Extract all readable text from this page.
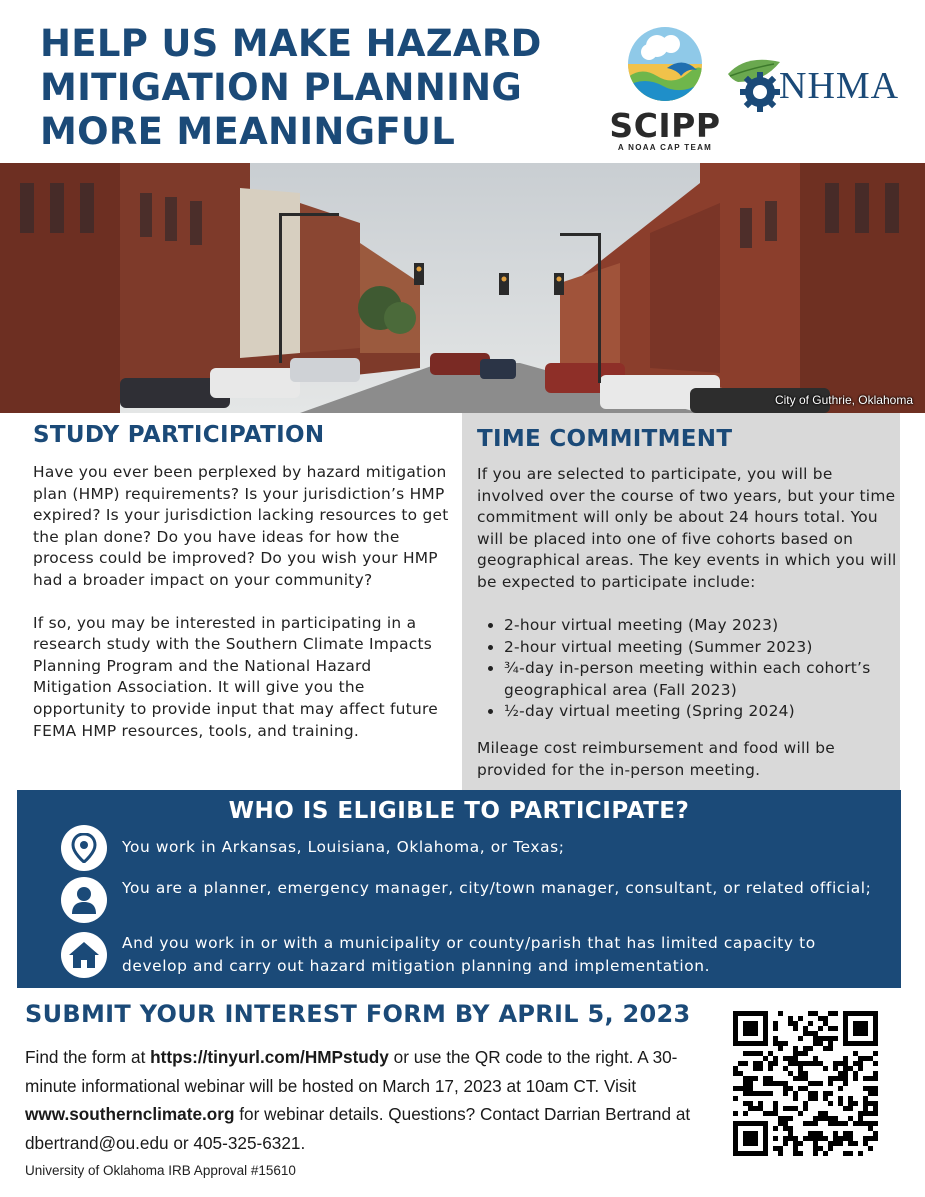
HELP US MAKE HAZARD
MITIGATION PLANNING
MORE MEANINGFUL	SCIPP
A NOAA CAP TEAM
NHMA
City of Guthrie, Oklahoma
STUDY PARTICIPATION

Have you ever been perplexed by hazard mitigation plan (HMP) requirements? Is your jurisdiction’s HMP expired? Is your jurisdiction lacking resources to get the plan done? Do you have ideas for how the process could be improved? Do you wish your HMP had a broader impact on your community?

If so, you may be interested in participating in a research study with the Southern Climate Impacts Planning Program and the National Hazard Mitigation Association. It will give you the opportunity to provide input that may affect future FEMA HMP resources, tools, and training.

TIME COMMITMENT

If you are selected to participate, you will be involved over the course of two years, but your time commitment will only be about 24 hours total. You will be placed into one of five cohorts based on geographical areas. The key events in which you will be expected to participate include:

• 2-hour virtual meeting (May 2023)
• 2-hour virtual meeting (Summer 2023)
• ¾-day in-person meeting within each cohort’s geographical area (Fall 2023)
• ½-day virtual meeting (Spring 2024)

Mileage cost reimbursement and food will be provided for the in-person meeting.

WHO IS ELIGIBLE TO PARTICIPATE?
You work in Arkansas, Louisiana, Oklahoma, or Texas;
You are a planner, emergency manager, city/town manager, consultant, or related official;
And you work in or with a municipality or county/parish that has limited capacity to develop and carry out hazard mitigation planning and implementation.
SUBMIT YOUR INTEREST FORM BY APRIL 5, 2023

Find the form at https://tinyurl.com/HMPstudy or use the QR code to the right. A 30-minute informational webinar will be hosted on March 17, 2023 at 10am CT. Visit www.southernclimate.org for webinar details. Questions? Contact Darrian Bertrand at dbertrand@ou.edu or 405-325-6321.

University of Oklahoma IRB Approval #15610
